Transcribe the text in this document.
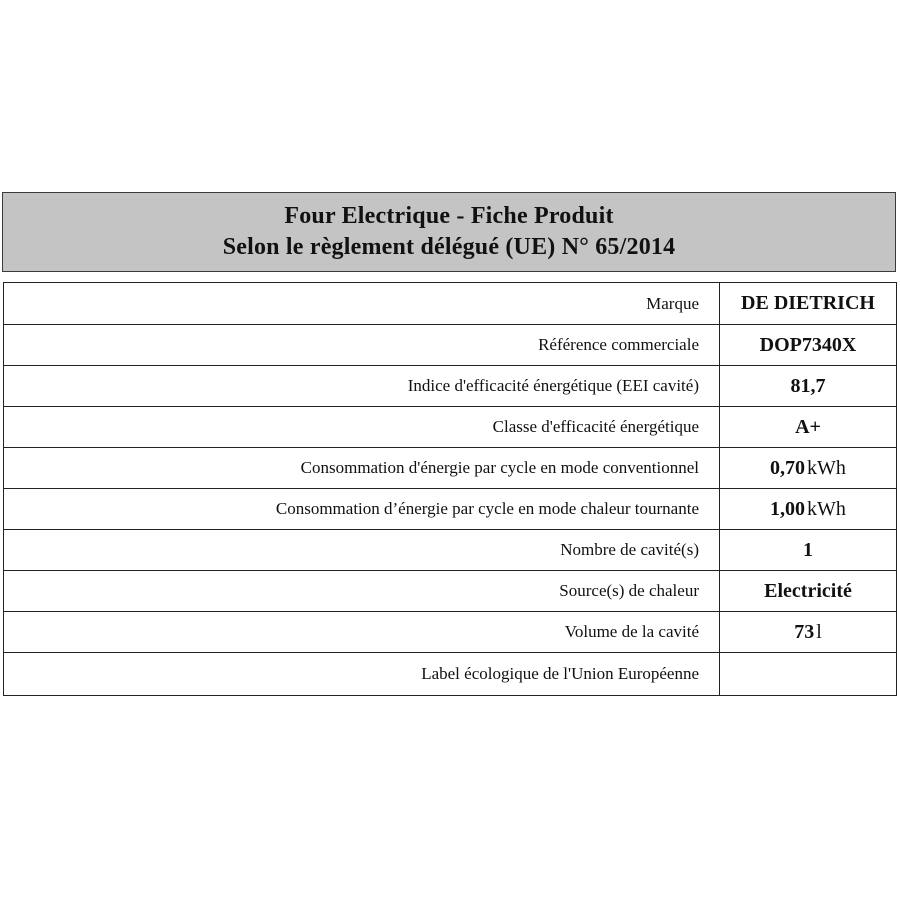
Four Electrique - Fiche Produit
Selon le règlement délégué (UE) N° 65/2014
Marque	DE DIETRICH
Référence commerciale	DOP7340X
Indice d'efficacité énergétique (EEI cavité)	81,7
Classe d'efficacité énergétique	A+
Consommation d'énergie par cycle en mode conventionnel	0,70 kWh
Consommation d’énergie par cycle en mode chaleur tournante	1,00 kWh
Nombre de cavité(s)	1
Source(s) de chaleur	Electricité
Volume de la cavité	73 l
Label écologique de l'Union Européenne	
